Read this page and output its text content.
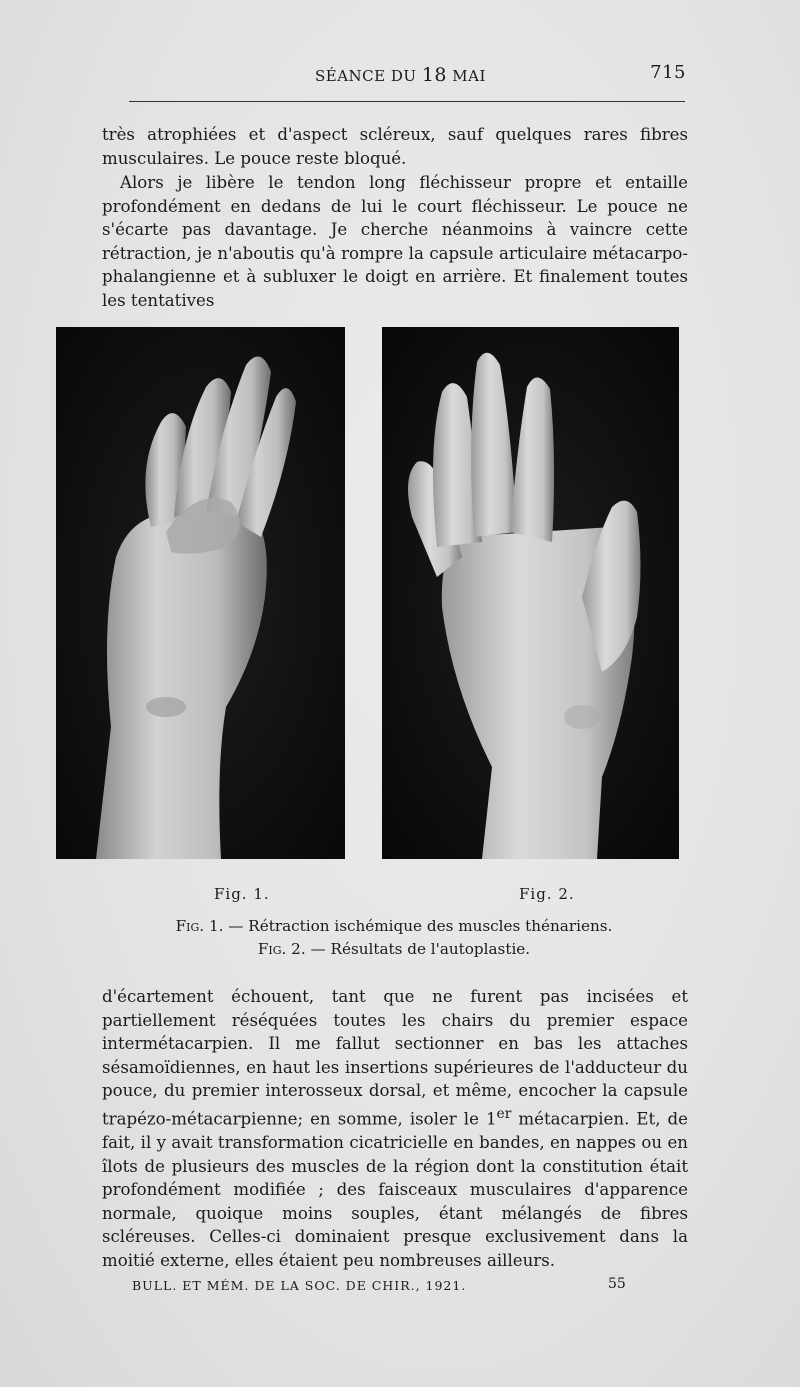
SÉANCE DU 18 MAI	715

très atrophiées et d'aspect scléreux, sauf quelques rares fibres musculaires. Le pouce reste bloqué.

Alors je libère le tendon long fléchisseur propre et entaille profondément en dedans de lui le court fléchisseur. Le pouce ne s'écarte pas davantage. Je cherche néanmoins à vaincre cette rétraction, je n'aboutis qu'à rompre la capsule articulaire métacarpo-phalangienne et à subluxer le doigt en arrière. Et finalement toutes les tentatives

Fig. 1.	Fig. 2.

Fig. 1. — Rétraction ischémique des muscles thénariens.

Fig. 2. — Résultats de l'autoplastie.

d'écartement échouent, tant que ne furent pas incisées et partiellement réséquées toutes les chairs du premier espace intermétacarpien. Il me fallut sectionner en bas les attaches sésamoïdiennes, en haut les insertions supérieures de l'adducteur du pouce, du premier interosseux dorsal, et même, encocher la capsule trapézo-métacarpienne; en somme, isoler le 1er métacarpien. Et, de fait, il y avait transformation cicatricielle en bandes, en nappes ou en îlots de plusieurs des muscles de la région dont la constitution était profondément modifiée ; des faisceaux musculaires d'apparence normale, quoique moins souples, étant mélangés de fibres scléreuses. Celles-ci dominaient presque exclusivement dans la moitié externe, elles étaient peu nombreuses ailleurs.

BULL. ET MÉM. DE LA SOC. DE CHIR., 1921.	55
